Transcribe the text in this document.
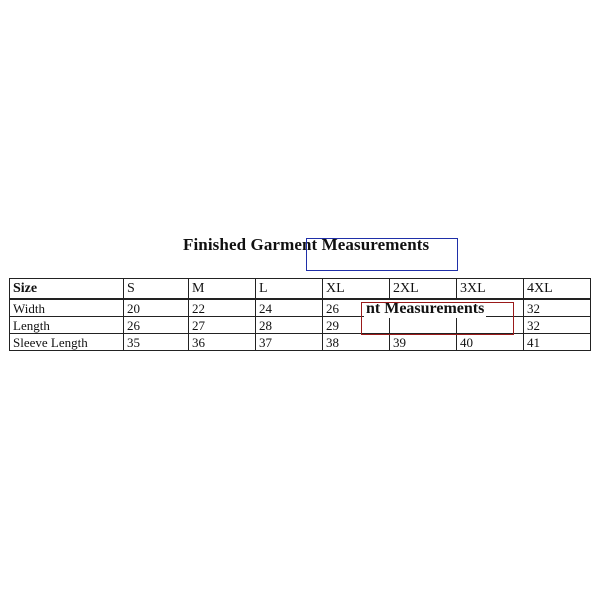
Finished Garment Measurements
Size	S	M	L	XL	2XL	3XL	4XL
Width	20	22	24	26			32
Length	26	27	28	29			32
Sleeve Length	35	36	37	38	39	40	41
nt Measurements
